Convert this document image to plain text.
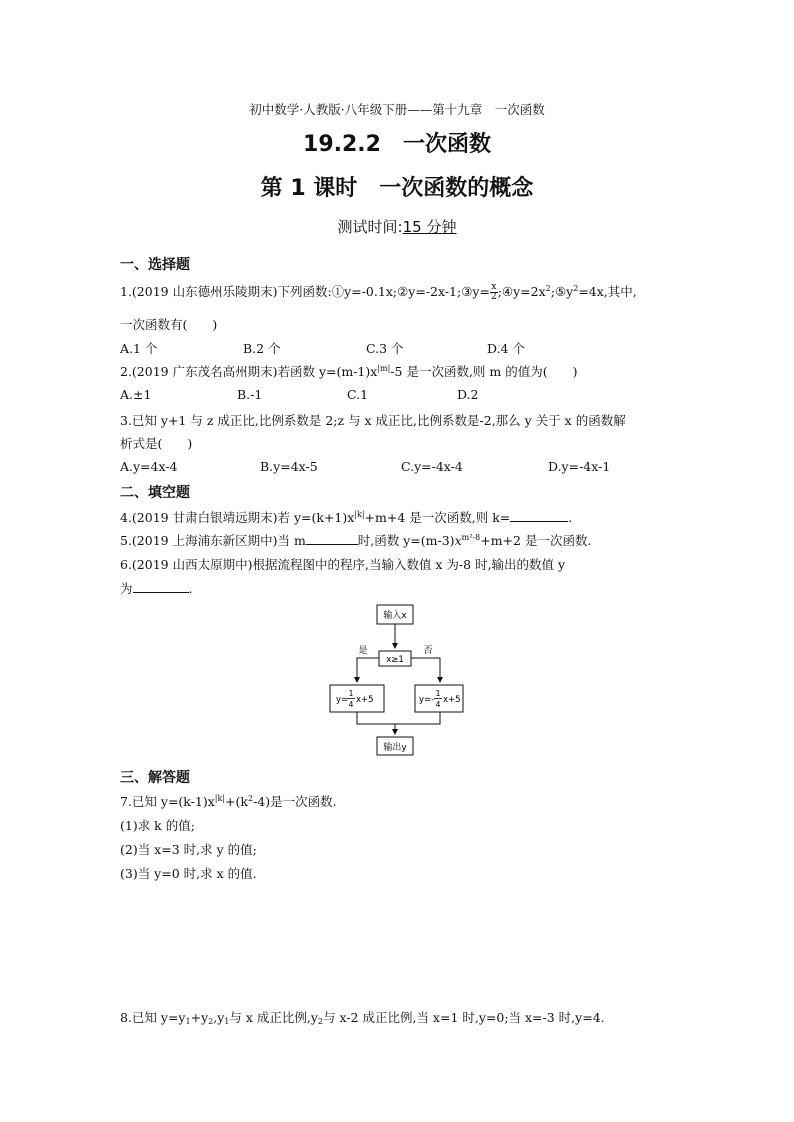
初中数学·人教版·八年级下册——第十九章　一次函数
19.2.2　一次函数
第 1 课时　一次函数的概念
测试时间:15 分钟
一、选择题
1.(2019 山东德州乐陵期末)下列函数:①y=-0.1x;②y=-2x-1;③y= $\frac{x}{2}$ $;④y=2x^2;⑤y^2=4x$,其中,
一次函数有(　　)
A.1 个	B.2 个	C.3 个	D.4 个
2.(2019 广东茂名高州期末)若函数 $y=(m-1)x^{|m|}-5$ 是一次函数,则 m 的值为(　　)
A.±1	B.-1	C.1	D.2
3.已知 y+1 与 z 成正比,比例系数是 2;z 与 x 成正比,比例系数是-2,那么 y 关于 x 的函数解
析式是(　　)
A.y=4x-4	B.y=4x-5	C.y=-4x-4	D.y=-4x-1
二、填空题
4.(2019 甘肃白银靖远期末)若 $y=(k+1)x^{|k|}+m+4$ 是一次函数,则 k=	.
5.(2019 上海浦东新区期中)当 m	时,函数 $y=(m-3)x^{m^2-8}+m+2$ 是一次函数.
6.(2019 山西太原期中)根据流程图中的程序,当输入数值 x 为-8 时,输出的数值 y
为	.
输入x
x≥1
是	否
y=
1
4 x+5	y=-
1
4 x+5
输出y
三、解答题
7.已知 $y=(k-1)x^{|k|}+(k^2-4)$是一次函数.
(1)求 k 的值;
(2)当 x=3 时,求 y 的值;
(3)当 y=0 时,求 x 的值.
8.已知 $y=y_1+y_2,y_1$与 x 成正比例$,y_2$与 x-2 成正比例,当 x=1 时,y=0;当 x=-3 时,y=4.
